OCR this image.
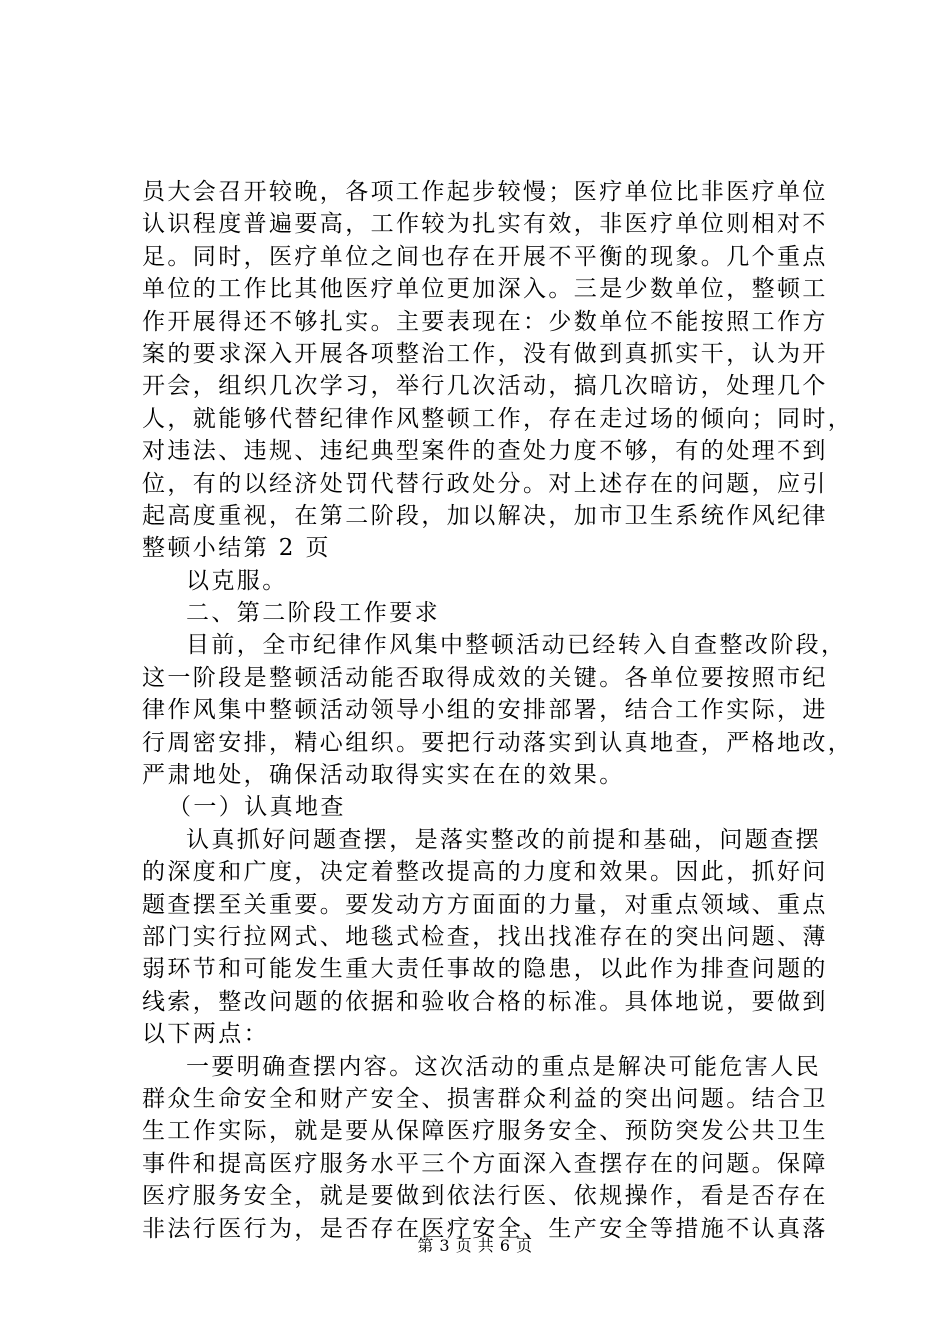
员大会召开较晚，各项工作起步较慢；医疗单位比非医疗单位
认识程度普遍要高，工作较为扎实有效，非医疗单位则相对不
足。同时，医疗单位之间也存在开展不平衡的现象。几个重点
单位的工作比其他医疗单位更加深入。三是少数单位，整顿工
作开展得还不够扎实。主要表现在：少数单位不能按照工作方
案的要求深入开展各项整治工作，没有做到真抓实干，认为开
开会，组织几次学习，举行几次活动，搞几次暗访，处理几个
人，就能够代替纪律作风整顿工作，存在走过场的倾向；同时，
对违法、违规、违纪典型案件的查处力度不够，有的处理不到
位，有的以经济处罚代替行政处分。对上述存在的问题，应引
起高度重视，在第二阶段，加以解决，加市卫生系统作风纪律
整顿小结第 2 页
以克服。
二、第二阶段工作要求
目前，全市纪律作风集中整顿活动已经转入自查整改阶段，
这一阶段是整顿活动能否取得成效的关键。各单位要按照市纪
律作风集中整顿活动领导小组的安排部署，结合工作实际，进
行周密安排，精心组织。要把行动落实到认真地查，严格地改，
严肃地处，确保活动取得实实在在的效果。
（一）认真地查
认真抓好问题查摆，是落实整改的前提和基础，问题查摆
的深度和广度，决定着整改提高的力度和效果。因此，抓好问
题查摆至关重要。要发动方方面面的力量，对重点领域、重点
部门实行拉网式、地毯式检查，找出找准存在的突出问题、薄
弱环节和可能发生重大责任事故的隐患，以此作为排查问题的
线索，整改问题的依据和验收合格的标准。具体地说，要做到
以下两点：
一要明确查摆内容。这次活动的重点是解决可能危害人民
群众生命安全和财产安全、损害群众利益的突出问题。结合卫
生工作实际，就是要从保障医疗服务安全、预防突发公共卫生
事件和提高医疗服务水平三个方面深入查摆存在的问题。保障
医疗服务安全，就是要做到依法行医、依规操作，看是否存在
非法行医行为，是否存在医疗安全、生产安全等措施不认真落
第 3 页 共 6 页
